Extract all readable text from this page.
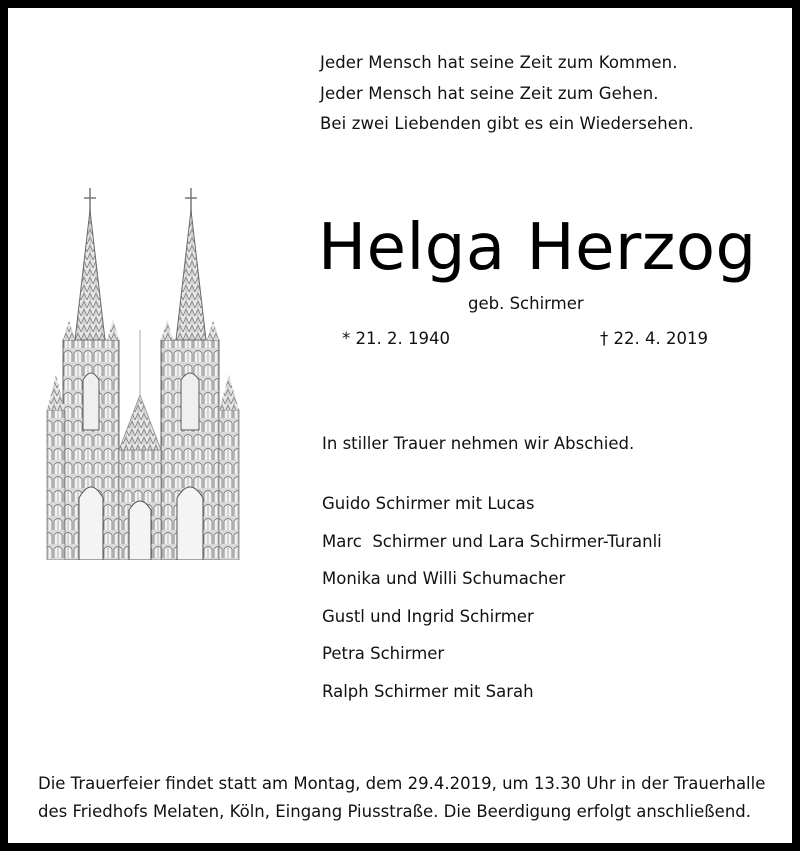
Jeder Mensch hat seine Zeit zum Kommen.
Jeder Mensch hat seine Zeit zum Gehen.
Bei zwei Liebenden gibt es ein Wiedersehen.
Helga Herzog
geb. Schirmer
* 21. 2. 1940	† 22. 4. 2019
In stiller Trauer nehmen wir Abschied.
Guido Schirmer mit Lucas
Marc  Schirmer und Lara Schirmer-Turanli
Monika und Willi Schumacher
Gustl und Ingrid Schirmer
Petra Schirmer
Ralph Schirmer mit Sarah
Die Trauerfeier findet statt am Montag, dem 29.4.2019, um 13.30 Uhr in der Trauerhalle
des Friedhofs Melaten, Köln, Eingang Piusstraße. Die Beerdigung erfolgt anschließend.
